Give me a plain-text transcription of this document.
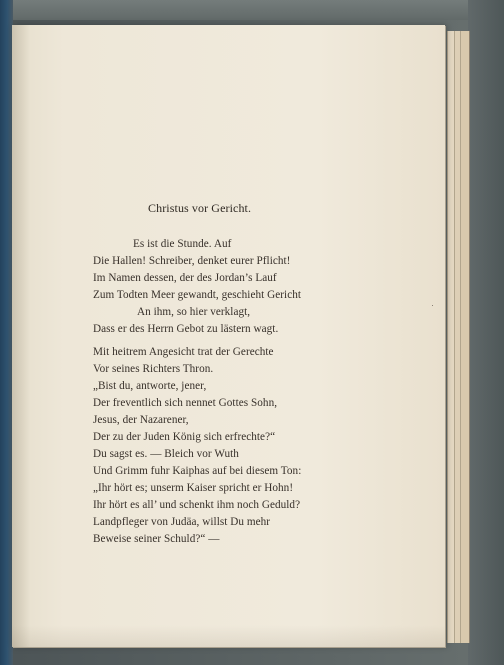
Christus vor Gericht.
Es ist die Stunde. Auf
Die Hallen! Schreiber, denket eurer Pflicht!
Im Namen dessen, der des Jordan’s Lauf
Zum Todten Meer gewandt, geschieht Gericht
An ihm, so hier verklagt,
Dass er des Herrn Gebot zu lästern wagt.
Mit heitrem Angesicht trat der Gerechte
Vor seines Richters Thron.
„Bist du, antworte, jener,
Der freventlich sich nennet Gottes Sohn,
Jesus, der Nazarener,
Der zu der Juden König sich erfrechte?“
Du sagst es. — Bleich vor Wuth
Und Grimm fuhr Kaiphas auf bei diesem Ton:
„Ihr hört es; unserm Kaiser spricht er Hohn!
Ihr hört es all’ und schenkt ihm noch Geduld?
Landpfleger von Judäa, willst Du mehr
Beweise seiner Schuld?“ —
